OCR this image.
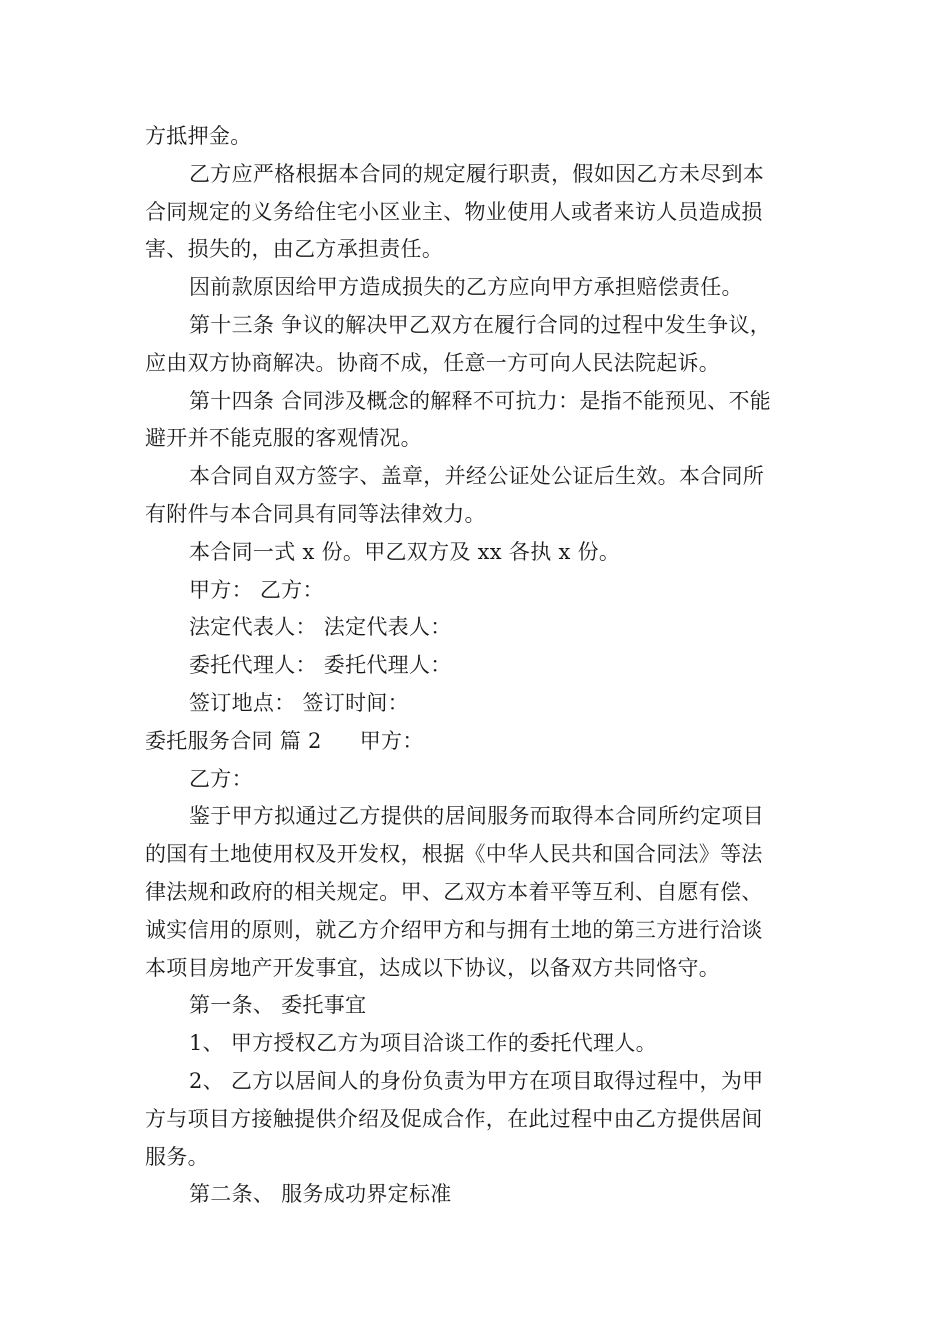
方抵押金。
乙方应严格根据本合同的规定履行职责，假如因乙方未尽到本
合同规定的义务给住宅小区业主、物业使用人或者来访人员造成损
害、损失的，由乙方承担责任。
因前款原因给甲方造成损失的乙方应向甲方承担赔偿责任。
第十三条 争议的解决甲乙双方在履行合同的过程中发生争议，
应由双方协商解决。协商不成，任意一方可向人民法院起诉。
第十四条 合同涉及概念的解释不可抗力：是指不能预见、不能
避开并不能克服的客观情况。
本合同自双方签字、盖章，并经公证处公证后生效。本合同所
有附件与本合同具有同等法律效力。
本合同一式 x 份。甲乙双方及 xx 各执 x 份。
甲方： 乙方：
法定代表人： 法定代表人：
委托代理人： 委托代理人：
签订地点： 签订时间：
委托服务合同 篇 2 甲方：
乙方：
鉴于甲方拟通过乙方提供的居间服务而取得本合同所约定项目
的国有土地使用权及开发权，根据《中华人民共和国合同法》等法
律法规和政府的相关规定。甲、乙双方本着平等互利、自愿有偿、
诚实信用的原则，就乙方介绍甲方和与拥有土地的第三方进行洽谈
本项目房地产开发事宜，达成以下协议，以备双方共同恪守。
第一条、 委托事宜
1、 甲方授权乙方为项目洽谈工作的委托代理人。
2、 乙方以居间人的身份负责为甲方在项目取得过程中，为甲
方与项目方接触提供介绍及促成合作，在此过程中由乙方提供居间
服务。
第二条、 服务成功界定标准
